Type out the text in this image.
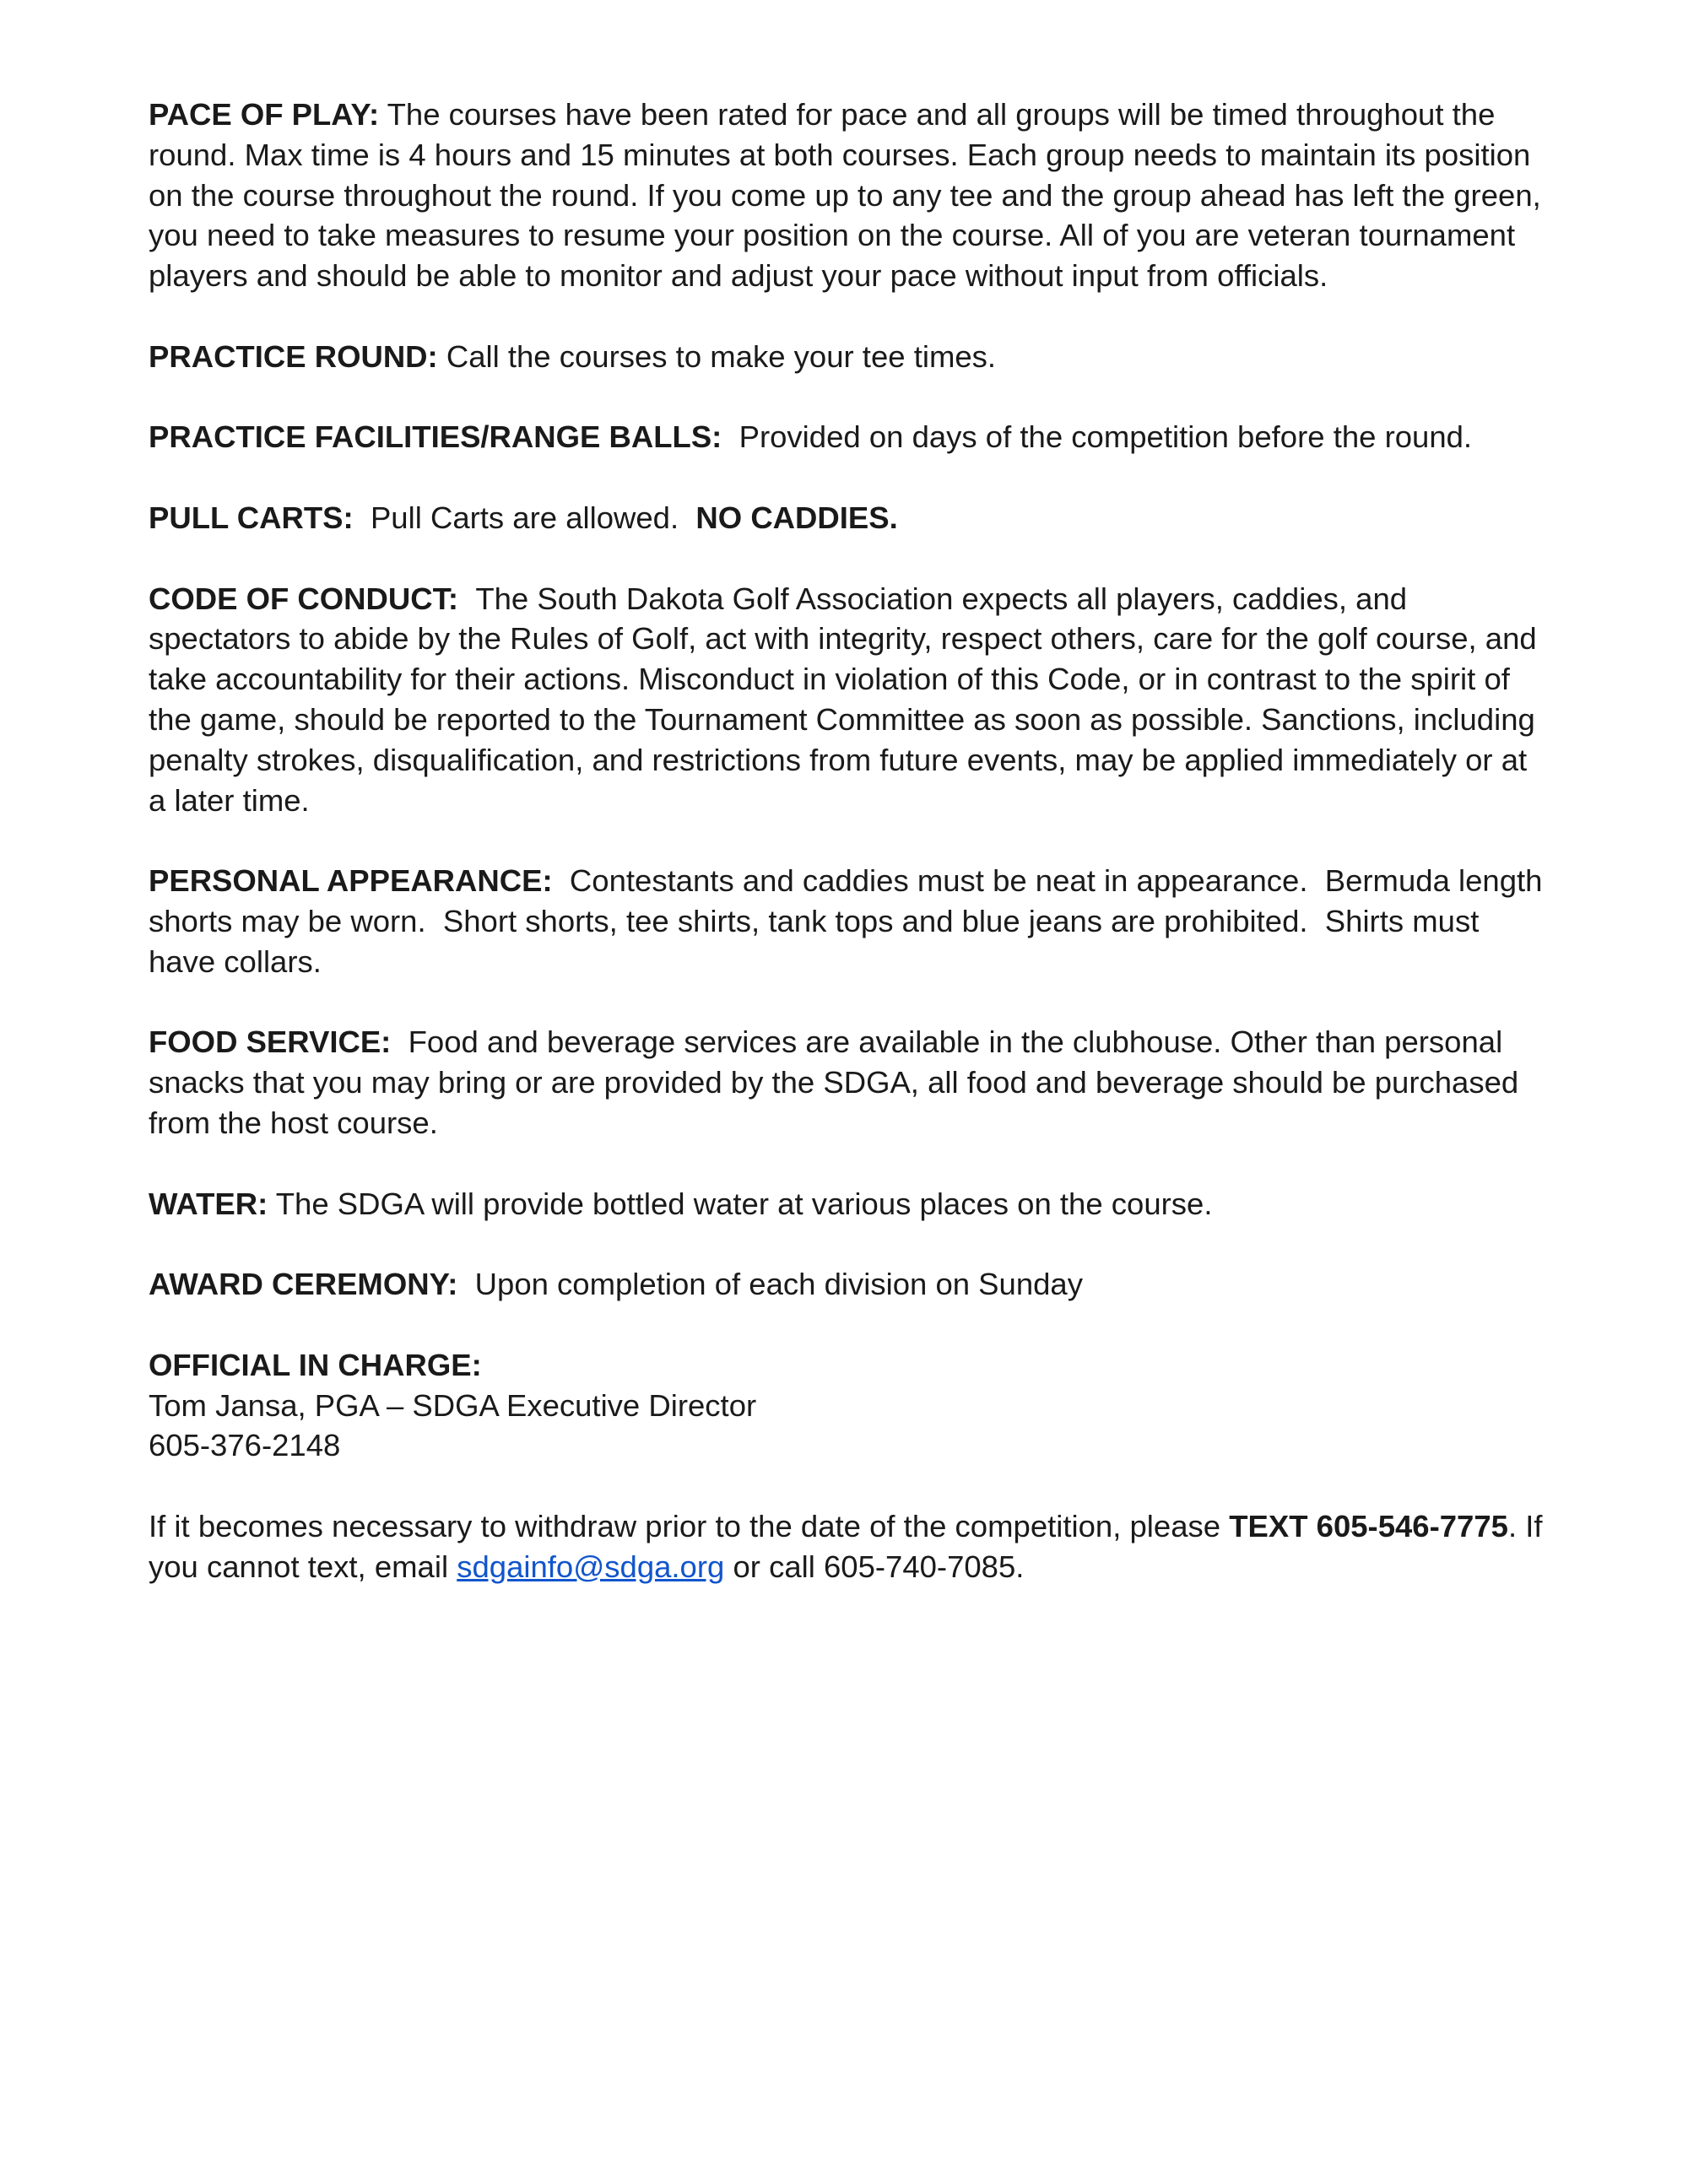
PACE OF PLAY: The courses have been rated for pace and all groups will be timed throughout the round. Max time is 4 hours and 15 minutes at both courses. Each group needs to maintain its position on the course throughout the round. If you come up to any tee and the group ahead has left the green, you need to take measures to resume your position on the course. All of you are veteran tournament players and should be able to monitor and adjust your pace without input from officials.

PRACTICE ROUND: Call the courses to make your tee times.

PRACTICE FACILITIES/RANGE BALLS: Provided on days of the competition before the round.

PULL CARTS: Pull Carts are allowed. NO CADDIES.

CODE OF CONDUCT: The South Dakota Golf Association expects all players, caddies, and spectators to abide by the Rules of Golf, act with integrity, respect others, care for the golf course, and take accountability for their actions. Misconduct in violation of this Code, or in contrast to the spirit of the game, should be reported to the Tournament Committee as soon as possible. Sanctions, including penalty strokes, disqualification, and restrictions from future events, may be applied immediately or at a later time.

PERSONAL APPEARANCE: Contestants and caddies must be neat in appearance.  Bermuda length shorts may be worn.  Short shorts, tee shirts, tank tops and blue jeans are prohibited.  Shirts must have collars.

FOOD SERVICE: Food and beverage services are available in the clubhouse. Other than personal snacks that you may bring or are provided by the SDGA, all food and beverage should be purchased from the host course.

WATER: The SDGA will provide bottled water at various places on the course.

AWARD CEREMONY: Upon completion of each division on Sunday

OFFICIAL IN CHARGE:
Tom Jansa, PGA – SDGA Executive Director
605-376-2148

If it becomes necessary to withdraw prior to the date of the competition, please TEXT 605-546-7775. If you cannot text, email sdgainfo@sdga.org or call 605-740-7085.
